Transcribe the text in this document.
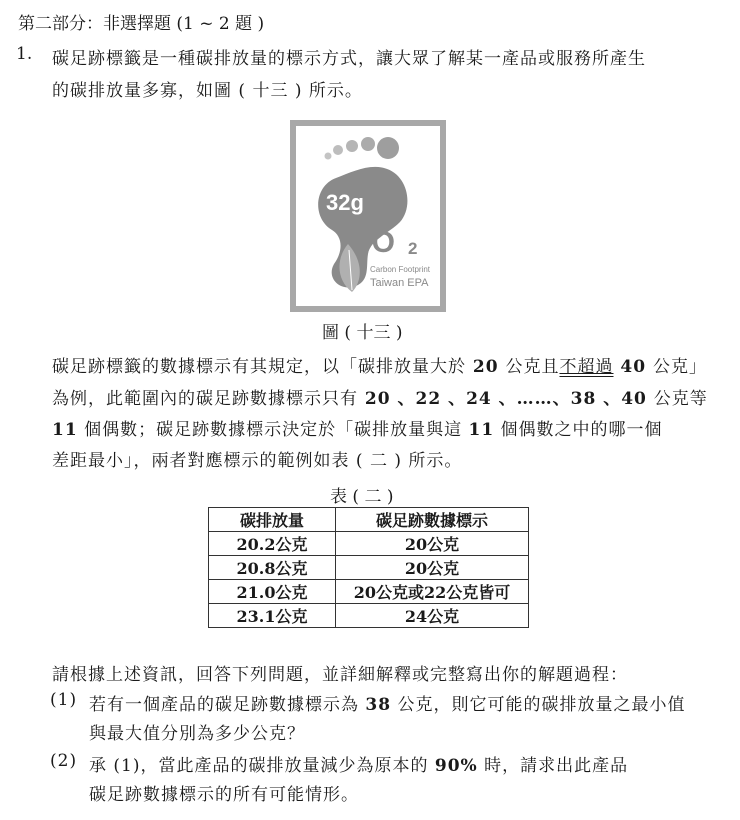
第二部分：非選擇題 (1 ~ 2 題 )
1. 碳足跡標籤是一種碳排放量的標示方式，讓大眾了解某一產品或服務所產生
的碳排放量多寡，如圖 ( 十三 ) 所示。
32g
CO 2
Carbon Footprint
Taiwan EPA
圖 ( 十三 )
碳足跡標籤的數據標示有其規定，以「碳排放量大於 20 公克且不超過 40 公克」
為例，此範圍內的碳足跡數據標示只有 20 、22 、24 、……、38 、40 公克等
11 個偶數；碳足跡數據標示決定於「碳排放量與這 11 個偶數之中的哪一個
差距最小」，兩者對應標示的範例如表 ( 二 ) 所示。
表 ( 二 )
碳排放量	碳足跡數據標示
20.2公克	20公克
20.8公克	20公克
21.0公克	20公克或22公克皆可
23.1公克	24公克
請根據上述資訊，回答下列問題，並詳細解釋或完整寫出你的解題過程：
(1) 若有一個產品的碳足跡數據標示為 38 公克，則它可能的碳排放量之最小值
與最大值分別為多少公克？
(2) 承 (1)，當此產品的碳排放量減少為原本的 90% 時，請求出此產品
碳足跡數據標示的所有可能情形。
